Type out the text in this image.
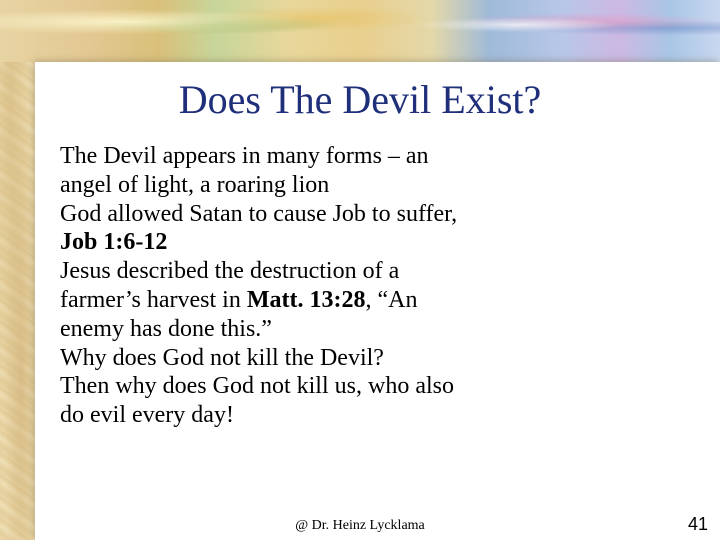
Does The Devil Exist?
The Devil appears in many forms – an angel of light, a roaring lion
God allowed Satan to cause Job to suffer, Job 1:6-12
Jesus described the destruction of a farmer’s harvest in Matt. 13:28, “An enemy has done this.”
Why does God not kill the Devil?
Then why does God not kill us, who also do evil every day!
@ Dr. Heinz Lycklama	41
